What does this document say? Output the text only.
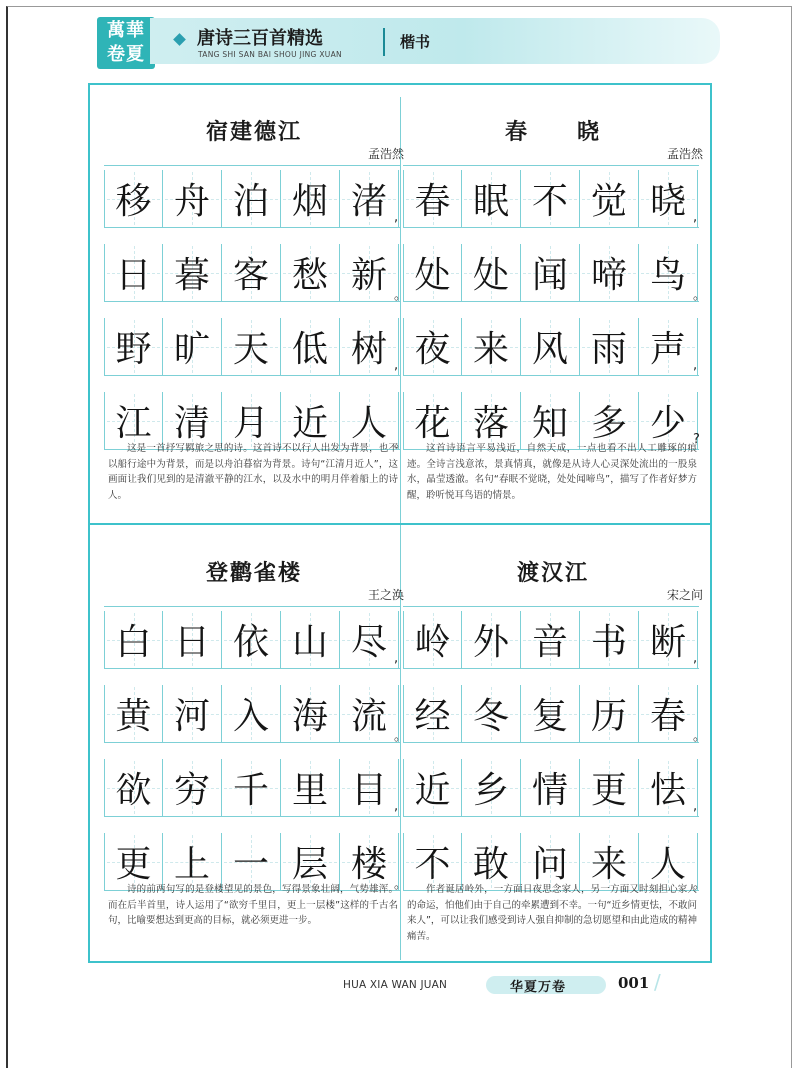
萬華
卷夏
唐诗三百首精选
TANG SHI SAN BAI SHOU JING XUAN
楷书
宿建德江
孟浩然
移 舟 泊 烟 渚 ,
日 暮 客 愁 新 。
野 旷 天 低 树 ,
江 清 月 近 人 。
这是一首抒写羁旅之思的诗。这首诗不以行人出发为背景，也不以船行途中为背景，而是以舟泊暮宿为背景。诗句“江清月近人”，这画面让我们见到的是清澈平静的江水，以及水中的明月伴着船上的诗人。
春　　晓
孟浩然
春 眠 不 觉 晓 ,
处 处 闻 啼 鸟 。
夜 来 风 雨 声 ,
花 落 知 多 少 ?
这首诗语言平易浅近，自然天成，一点也看不出人工雕琢的痕迹。全诗言浅意浓，景真情真，就像是从诗人心灵深处流出的一股泉水，晶莹透澈。名句“春眠不觉晓，处处闻啼鸟”，描写了作者好梦方醒，聆听悦耳鸟语的情景。
登鹳雀楼
王之涣
白 日 依 山 尽 ,
黄 河 入 海 流 。
欲 穷 千 里 目 ,
更 上 一 层 楼 。
诗的前两句写的是登楼望见的景色，写得景象壮阔，气势雄浑。而在后半首里，诗人运用了“欲穷千里目，更上一层楼”这样的千古名句，比喻要想达到更高的目标，就必须更进一步。
渡汉江
宋之问
岭 外 音 书 断 ,
经 冬 复 历 春 。
近 乡 情 更 怯 ,
不 敢 问 来 人 。
作者诞居岭外，一方面日夜思念家人，另一方面又时刻担心家人的命运，怕他们由于自己的牵累遭到不幸。一句“近乡情更怯，不敢问来人”，可以让我们感受到诗人强自抑制的急切愿望和由此造成的精神痛苦。
HUA XIA WAN JUAN	华夏万卷	001 /
